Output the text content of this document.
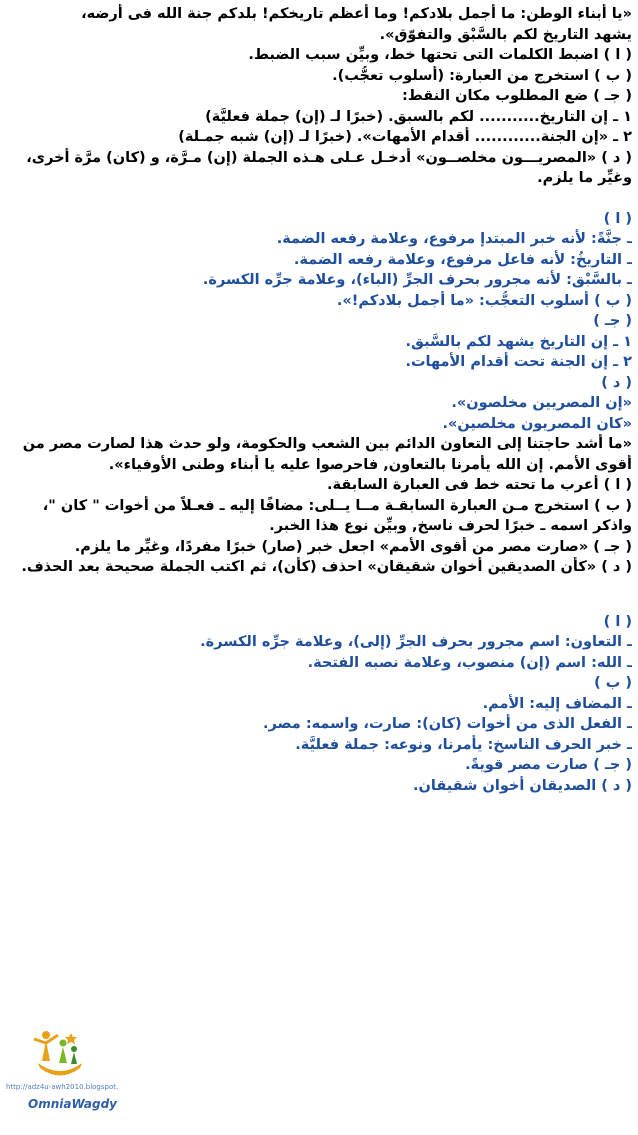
«يا أبناء الوطن: ما أجمل بلادكم! وما أعظم تاريخكم! بلدكم جنة الله فى أرضه،
يشهد التاريخ لكم بالسَّبْق والتفوّق».
( ا ) اضبط الكلمات التى تحتها خط، وبيِّن سبب الضبط.
( ب ) استخرج من العبارة: (أسلوب تعجُّب).
( جـ ) ضع المطلوب مكان النقط:
١ ـ إن التاريخ........... لكم بالسبق. (خبرًا لـ (إن) جملة فعليَّة)
٢ ـ «إن الجنة............ أقدام الأمهات». (خبرًا لـ (إن) شبه جمـلة)
( د ) «المصريـــون مخلصــون» أدخـل عـلى هـذه الجملة (إن) مـرَّة، و (كان) مرَّة أخرى،
وغيِّر ما يلزم.
( ا )
ـ جنَّةً: لأنه خبر المبتدإ مرفوع، وعلامة رفعه الضمة.
ـ التاريخُ: لأنه فاعل مرفوع، وعلامة رفعه الضمة.
ـ بالسَّبْق: لأنه مجرور بحرف الجرِّ (الباء)، وعلامة جرِّه الكسرة.
( ب ) أسلوب التعجُّب: «ما أجمل بلادكم!».
( جـ )
١ ـ إن التاريخ يشهد لكم بالسَّبق.
٢ ـ إن الجنة تحت أقدام الأمهات.
( د )
«إن المصريين مخلصون».
«كان المصريون مخلصين».
«ما أشد حاجتنا إلى التعاون الدائم بين الشعب والحكومة، ولو حدث هذا لصارت مصر من
أقوى الأمم. إن الله يأمرنا بالتعاون, فاحرصوا عليه يا أبناء وطنى الأوفياء».
( ا ) أعرب ما تحته خط فى العبارة السابقة.
( ب ) استخرج مـن العبارة السابقـة مــا يــلى: مضافًا إليه ـ فعـلاً من أخوات " كان "،
واذكر اسمه ـ خبرًا لحرف ناسخ, وبيِّن نوع هذا الخبر.
( جـ ) «صارت مصر من أقوى الأمم» اجعل خبر (صار) خبرًا مفردًا، وغيِّر ما يلزم.
( د ) «كأن الصديقين أخوان شقيقان» احذف (كأن)، ثم اكتب الجملة صحيحة بعد الحذف.
( ا )
ـ التعاون: اسم مجرور بحرف الجرِّ (إلى)، وعلامة جرِّه الكسرة.
ـ الله: اسم (إن) منصوب، وعلامة نصبه الفتحة.
( ب )
ـ المضاف إليه: الأمم.
ـ الفعل الذى من أخوات (كان): صارت، واسمه: مصر.
ـ خبر الحرف الناسخ: يأمرنا، ونوعه: جملة فعليَّة.
( جـ ) صارت مصر قويةً.
( د ) الصديقان أخوان شقيقان.
http://adz4u-awh2010.blogspot.
OmniaWagdy
